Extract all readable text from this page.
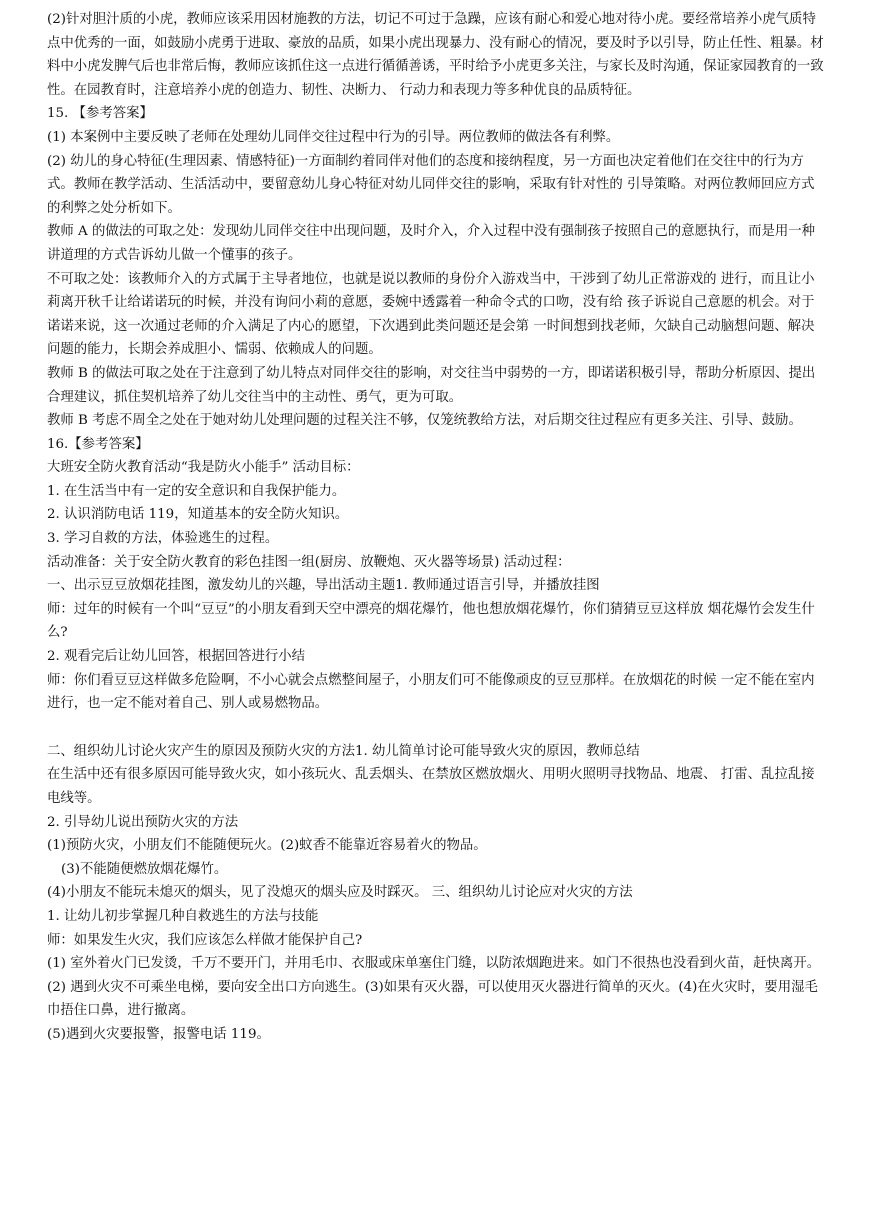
(2)针对胆汁质的小虎，教师应该采用因材施教的方法，切记不可过于急躁，应该有耐心和爱心地对待小虎。要经常培养小虎气质特点中优秀的一面，如鼓励小虎勇于进取、豪放的品质，如果小虎出现暴力、没有耐心的情况，要及时予以引导，防止任性、粗暴。材料中小虎发脾气后也非常后悔，教师应该抓住这一点进行循循善诱，平时给予小虎更多关注，与家长及时沟通，保证家园教育的一致性。在园教育时，注意培养小虎的创造力、韧性、决断力、 行动力和表现力等多种优良的品质特征。

15. 【参考答案】

(1) 本案例中主要反映了老师在处理幼儿同伴交往过程中行为的引导。两位教师的做法各有利弊。

(2) 幼儿的身心特征(生理因素、情感特征)一方面制约着同伴对他们的态度和接纳程度，另一方面也决定着他们在交往中的行为方式。教师在教学活动、生活活动中，要留意幼儿身心特征对幼儿同伴交往的影响，采取有针对性的 引导策略。对两位教师回应方式的利弊之处分析如下。

教师 A 的做法的可取之处：发现幼儿同伴交往中出现问题，及时介入，介入过程中没有强制孩子按照自己的意愿执行，而是用一种讲道理的方式告诉幼儿做一个懂事的孩子。

不可取之处：该教师介入的方式属于主导者地位，也就是说以教师的身份介入游戏当中，干涉到了幼儿正常游戏的 进行，而且让小莉离开秋千让给诺诺玩的时候，并没有询问小莉的意愿，委婉中透露着一种命令式的口吻，没有给 孩子诉说自己意愿的机会。对于诺诺来说，这一次通过老师的介入满足了内心的愿望，下次遇到此类问题还是会第 一时间想到找老师，欠缺自己动脑想问题、解决问题的能力，长期会养成胆小、懦弱、依赖成人的问题。

教师 B 的做法可取之处在于注意到了幼儿特点对同伴交往的影响，对交往当中弱势的一方，即诺诺积极引导，帮助分析原因、提出合理建议，抓住契机培养了幼儿交往当中的主动性、勇气，更为可取。

教师 B 考虑不周全之处在于她对幼儿处理问题的过程关注不够，仅笼统教给方法，对后期交往过程应有更多关注、引导、鼓励。

16.【参考答案】

大班安全防火教育活动“我是防火小能手” 活动目标：

1. 在生活当中有一定的安全意识和自我保护能力。

2. 认识消防电话 119，知道基本的安全防火知识。

3. 学习自救的方法，体验逃生的过程。

活动准备：关于安全防火教育的彩色挂图一组(厨房、放鞭炮、灭火器等场景) 活动过程：

一、出示豆豆放烟花挂图，激发幼儿的兴趣，导出活动主题1. 教师通过语言引导，并播放挂图

师：过年的时候有一个叫“豆豆”的小朋友看到天空中漂亮的烟花爆竹，他也想放烟花爆竹，你们猜猜豆豆这样放 烟花爆竹会发生什么?

2. 观看完后让幼儿回答，根据回答进行小结

师：你们看豆豆这样做多危险啊，不小心就会点燃整间屋子，小朋友们可不能像顽皮的豆豆那样。在放烟花的时候 一定不能在室内进行，也一定不能对着自己、别人或易燃物品。

二、组织幼儿讨论火灾产生的原因及预防火灾的方法1. 幼儿简单讨论可能导致火灾的原因，教师总结

在生活中还有很多原因可能导致火灾，如小孩玩火、乱丢烟头、在禁放区燃放烟火、用明火照明寻找物品、地震、 打雷、乱拉乱接电线等。

2. 引导幼儿说出预防火灾的方法

(1)预防火灾，小朋友们不能随便玩火。(2)蚊香不能靠近容易着火的物品。

(3)不能随便燃放烟花爆竹。

(4)小朋友不能玩未熄灭的烟头，见了没熄灭的烟头应及时踩灭。 三、组织幼儿讨论应对火灾的方法

1. 让幼儿初步掌握几种自救逃生的方法与技能

师：如果发生火灾，我们应该怎么样做才能保护自己?

(1) 室外着火门已发烫，千万不要开门，并用毛巾、衣服或床单塞住门缝，以防浓烟跑进来。如门不很热也没看到火苗，赶快离开。

(2) 遇到火灾不可乘坐电梯，要向安全出口方向逃生。(3)如果有灭火器，可以使用灭火器进行简单的灭火。(4)在火灾时，要用湿毛巾捂住口鼻，进行撤离。

(5)遇到火灾要报警，报警电话 119。
